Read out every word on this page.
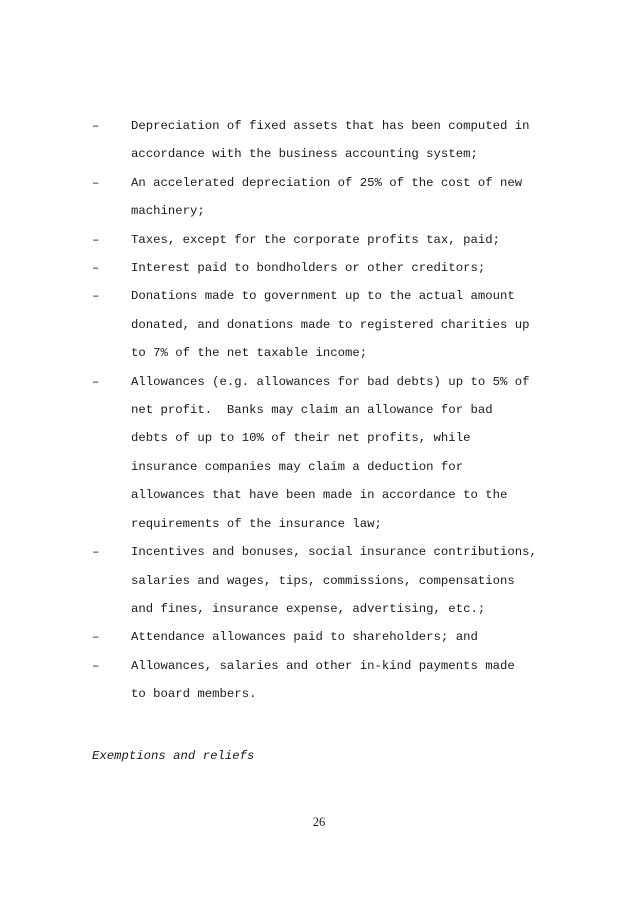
–	Depreciation of fixed assets that has been computed in
accordance with the business accounting system;
–	An accelerated depreciation of 25% of the cost of new
machinery;
–	Taxes, except for the corporate profits tax, paid;
–	Interest paid to bondholders or other creditors;
–	Donations made to government up to the actual amount
donated, and donations made to registered charities up
to 7% of the net taxable income;
–	Allowances (e.g. allowances for bad debts) up to 5% of
net profit.  Banks may claim an allowance for bad
debts of up to 10% of their net profits, while
insurance companies may claim a deduction for
allowances that have been made in accordance to the
requirements of the insurance law;
–	Incentives and bonuses, social insurance contributions,
salaries and wages, tips, commissions, compensations
and fines, insurance expense, advertising, etc.;
–	Attendance allowances paid to shareholders; and
–	Allowances, salaries and other in-kind payments made
to board members.
Exemptions and reliefs
26
